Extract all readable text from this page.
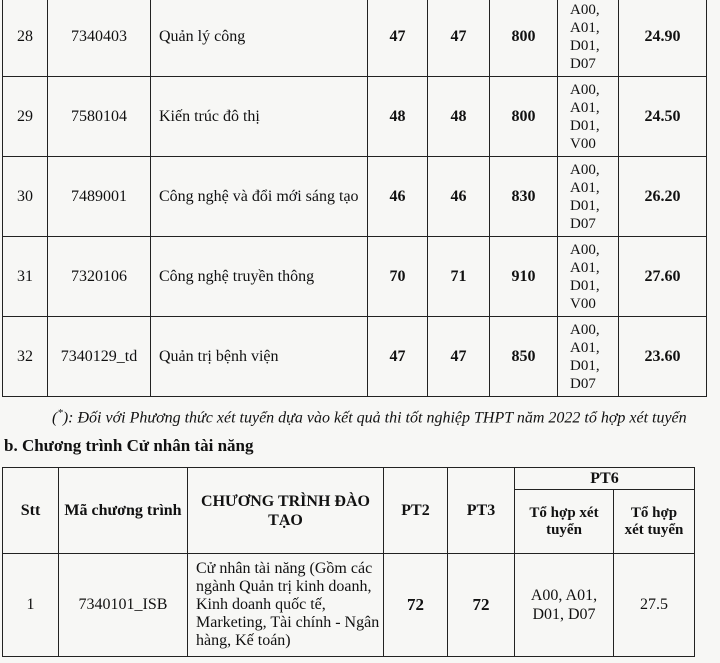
28	7340403	Quản lý công	47	47	800	A00,
A01,
D01,
D07	24.90
29	7580104	Kiến trúc đô thị	48	48	800	A00,
A01,
D01,
V00	24.50
30	7489001	Công nghệ và đổi mới sáng tạo	46	46	830	A00,
A01,
D01,
D07	26.20
31	7320106	Công nghệ truyền thông	70	71	910	A00,
A01,
D01,
V00	27.60
32	7340129_td	Quản trị bệnh viện	47	47	850	A00,
A01,
D01,
D07	23.60
(*): Đối với Phương thức xét tuyển dựa vào kết quả thi tốt nghiệp THPT năm 2022 tổ hợp xét tuyển
b. Chương trình Cử nhân tài năng
Stt	Mã chương trình	CHƯƠNG TRÌNH ĐÀO TẠO	PT2	PT3	PT6	
					Tổ hợp xét tuyển	Tổ hợp xét tuyển
1	7340101_ISB	Cử nhân tài năng (Gồm các ngành Quản trị kinh doanh, Kinh doanh quốc tế, Marketing, Tài chính - Ngân hàng, Kế toán)	72	72	A00, A01, D01, D07	27.5
